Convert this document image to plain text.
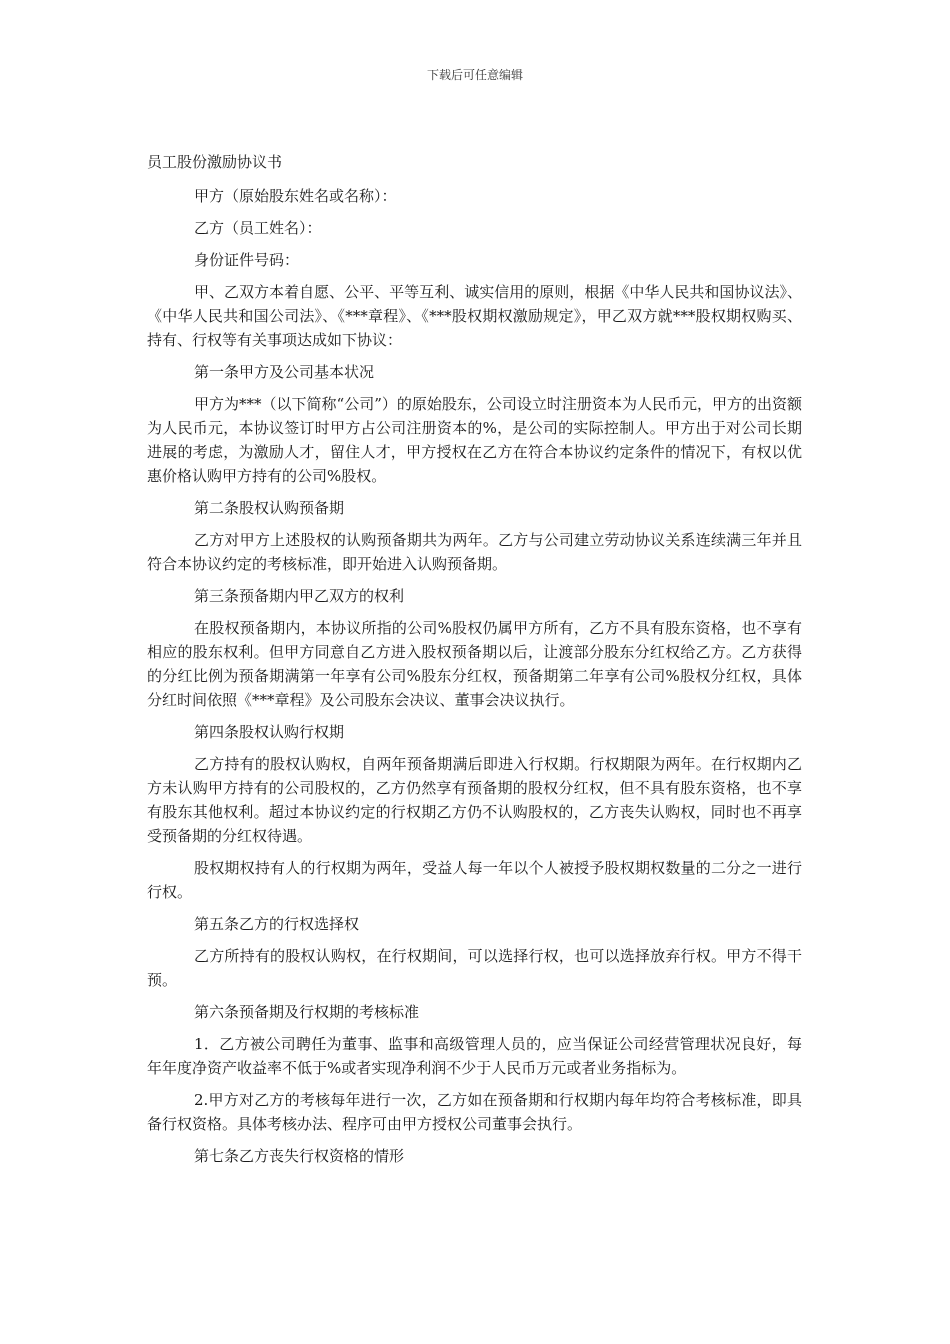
下载后可任意编辑
员工股份激励协议书
甲方（原始股东姓名或名称）：
乙方（员工姓名）：
身份证件号码：
甲、乙双方本着自愿、公平、平等互利、诚实信用的原则，根据《中华人民共和国协议法》、《中华人民共和国公司法》、《***章程》、《***股权期权激励规定》，甲乙双方就***股权期权购买、持有、行权等有关事项达成如下协议：
第一条甲方及公司基本状况
甲方为***（以下简称“公司”）的原始股东，公司设立时注册资本为人民币元，甲方的出资额为人民币元，本协议签订时甲方占公司注册资本的%，是公司的实际控制人。甲方出于对公司长期进展的考虑，为激励人才，留住人才，甲方授权在乙方在符合本协议约定条件的情况下，有权以优惠价格认购甲方持有的公司%股权。
第二条股权认购预备期
乙方对甲方上述股权的认购预备期共为两年。乙方与公司建立劳动协议关系连续满三年并且符合本协议约定的考核标准，即开始进入认购预备期。
第三条预备期内甲乙双方的权利
在股权预备期内，本协议所指的公司%股权仍属甲方所有，乙方不具有股东资格，也不享有相应的股东权利。但甲方同意自乙方进入股权预备期以后，让渡部分股东分红权给乙方。乙方获得的分红比例为预备期满第一年享有公司%股东分红权，预备期第二年享有公司%股权分红权，具体分红时间依照《***章程》及公司股东会决议、董事会决议执行。
第四条股权认购行权期
乙方持有的股权认购权，自两年预备期满后即进入行权期。行权期限为两年。在行权期内乙方未认购甲方持有的公司股权的，乙方仍然享有预备期的股权分红权，但不具有股东资格，也不享有股东其他权利。超过本协议约定的行权期乙方仍不认购股权的，乙方丧失认购权，同时也不再享受预备期的分红权待遇。
股权期权持有人的行权期为两年，受益人每一年以个人被授予股权期权数量的二分之一进行行权。
第五条乙方的行权选择权
乙方所持有的股权认购权，在行权期间，可以选择行权，也可以选择放弃行权。甲方不得干预。
第六条预备期及行权期的考核标准
1．乙方被公司聘任为董事、监事和高级管理人员的，应当保证公司经营管理状况良好，每年年度净资产收益率不低于%或者实现净利润不少于人民币万元或者业务指标为。
2.甲方对乙方的考核每年进行一次，乙方如在预备期和行权期内每年均符合考核标准，即具备行权资格。具体考核办法、程序可由甲方授权公司董事会执行。
第七条乙方丧失行权资格的情形
